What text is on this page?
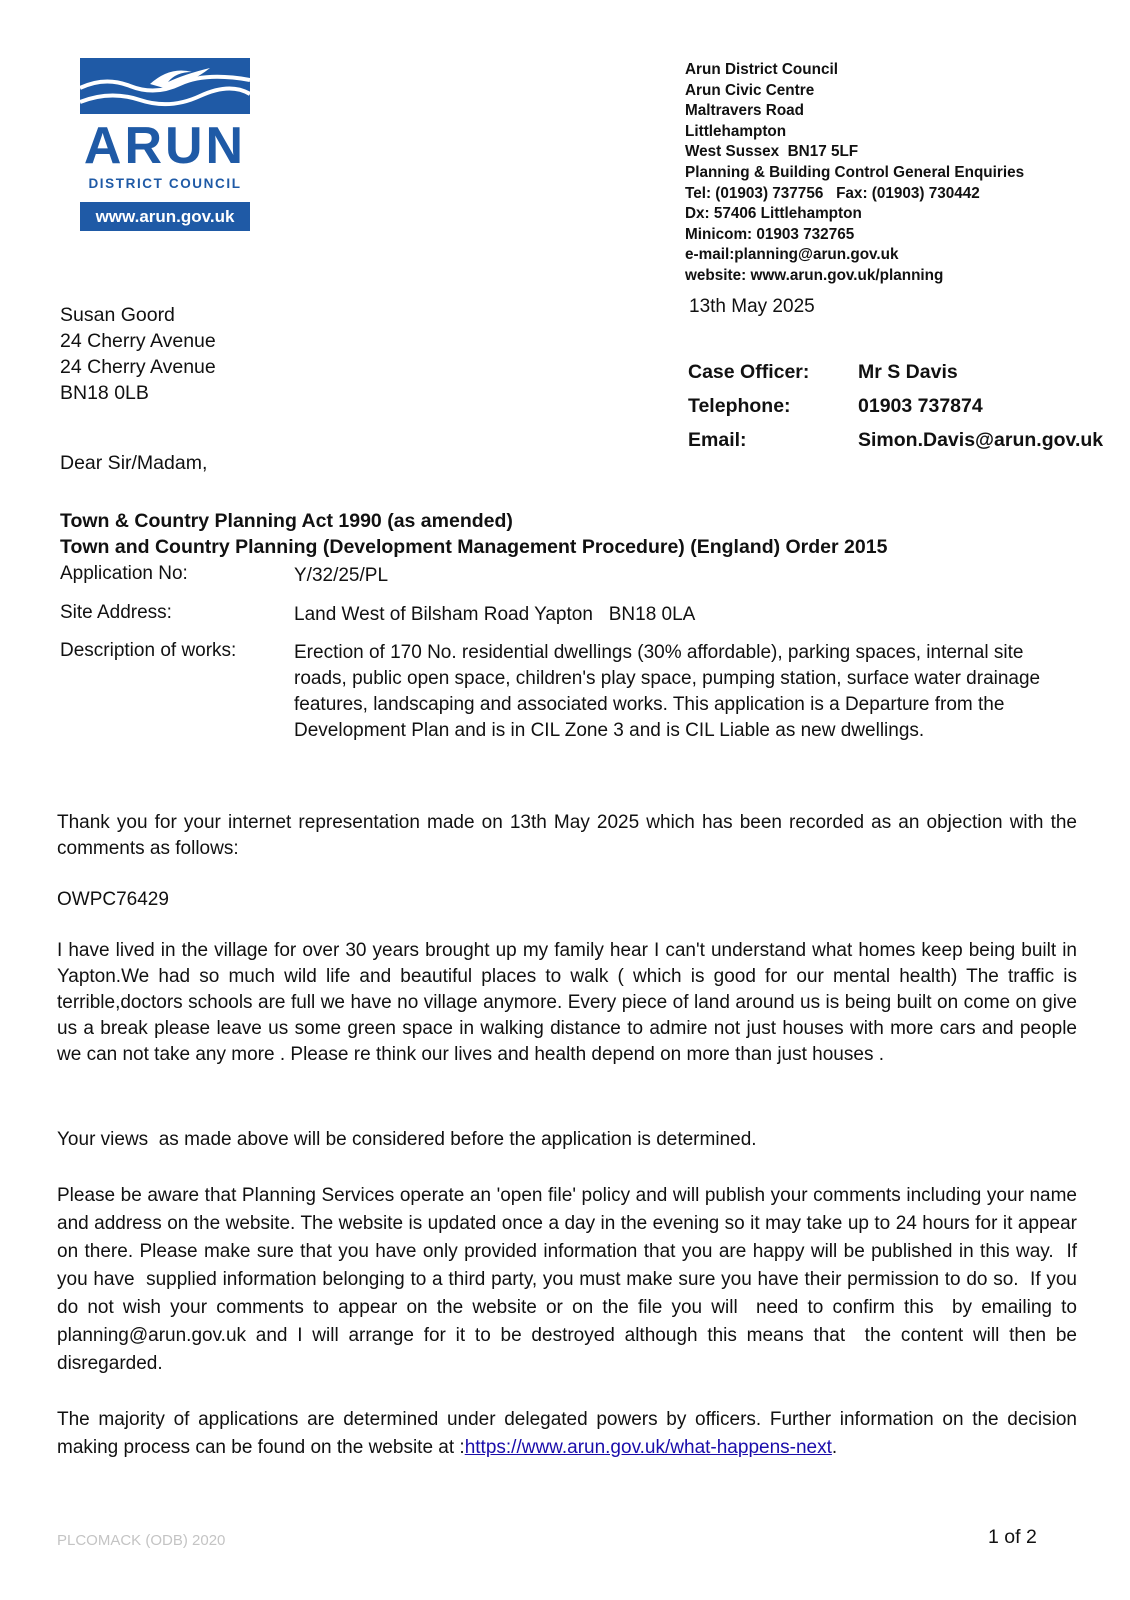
ARUN
DISTRICT COUNCIL
www.arun.gov.uk
Arun District Council
Arun Civic Centre
Maltravers Road
Littlehampton
West Sussex  BN17 5LF
Planning & Building Control General Enquiries
Tel: (01903) 737756   Fax: (01903) 730442
Dx: 57406 Littlehampton
Minicom: 01903 732765
e-mail:planning@arun.gov.uk
website: www.arun.gov.uk/planning
13th May 2025
Case Officer: Mr S Davis
Telephone:	01903 737874
Email:	Simon.Davis@arun.gov.uk
Susan Goord
24 Cherry Avenue
24 Cherry Avenue
BN18 0LB
Dear Sir/Madam,
Town & Country Planning Act 1990 (as amended)
Town and Country Planning (Development Management Procedure) (England) Order 2015
Application No:	Y/32/25/PL
Site Address:	Land West of Bilsham Road Yapton   BN18 0LA
Description of works:	Erection of 170 No. residential dwellings (30% affordable), parking spaces, internal site roads, public open space, children's play space, pumping station, surface water drainage features, landscaping and associated works. This application is a Departure from the Development Plan and is in CIL Zone 3 and is CIL Liable as new dwellings.
Thank you for your internet representation made on 13th May 2025 which has been recorded as an objection with the comments as follows:
OWPC76429
I have lived in the village for over 30 years brought up my family hear I can't understand what homes keep being built in Yapton.We had so much wild life and beautiful places to walk ( which is good for our mental health) The traffic is terrible,doctors schools are full we have no village anymore. Every piece of land around us is being built on come on give us a break please leave us some green space in walking distance to admire not just houses with more cars and people we can not take any more . Please re think our lives and health depend on more than just houses .
Your views  as made above will be considered before the application is determined.
Please be aware that Planning Services operate an 'open file' policy and will publish your comments including your name and address on the website. The website is updated once a day in the evening so it may take up to 24 hours for it appear on there. Please make sure that you have only provided information that you are happy will be published in this way.  If you have  supplied information belonging to a third party, you must make sure you have their permission to do so.  If you do not wish your comments to appear on the website or on the file you will  need to confirm this  by emailing to planning@arun.gov.uk and I will arrange for it to be destroyed although this means that  the content will then be disregarded.
The majority of applications are determined under delegated powers by officers. Further information on the decision making process can be found on the website at :https://www.arun.gov.uk/what-happens-next.
PLCOMACK (ODB) 2020	1 of 2
